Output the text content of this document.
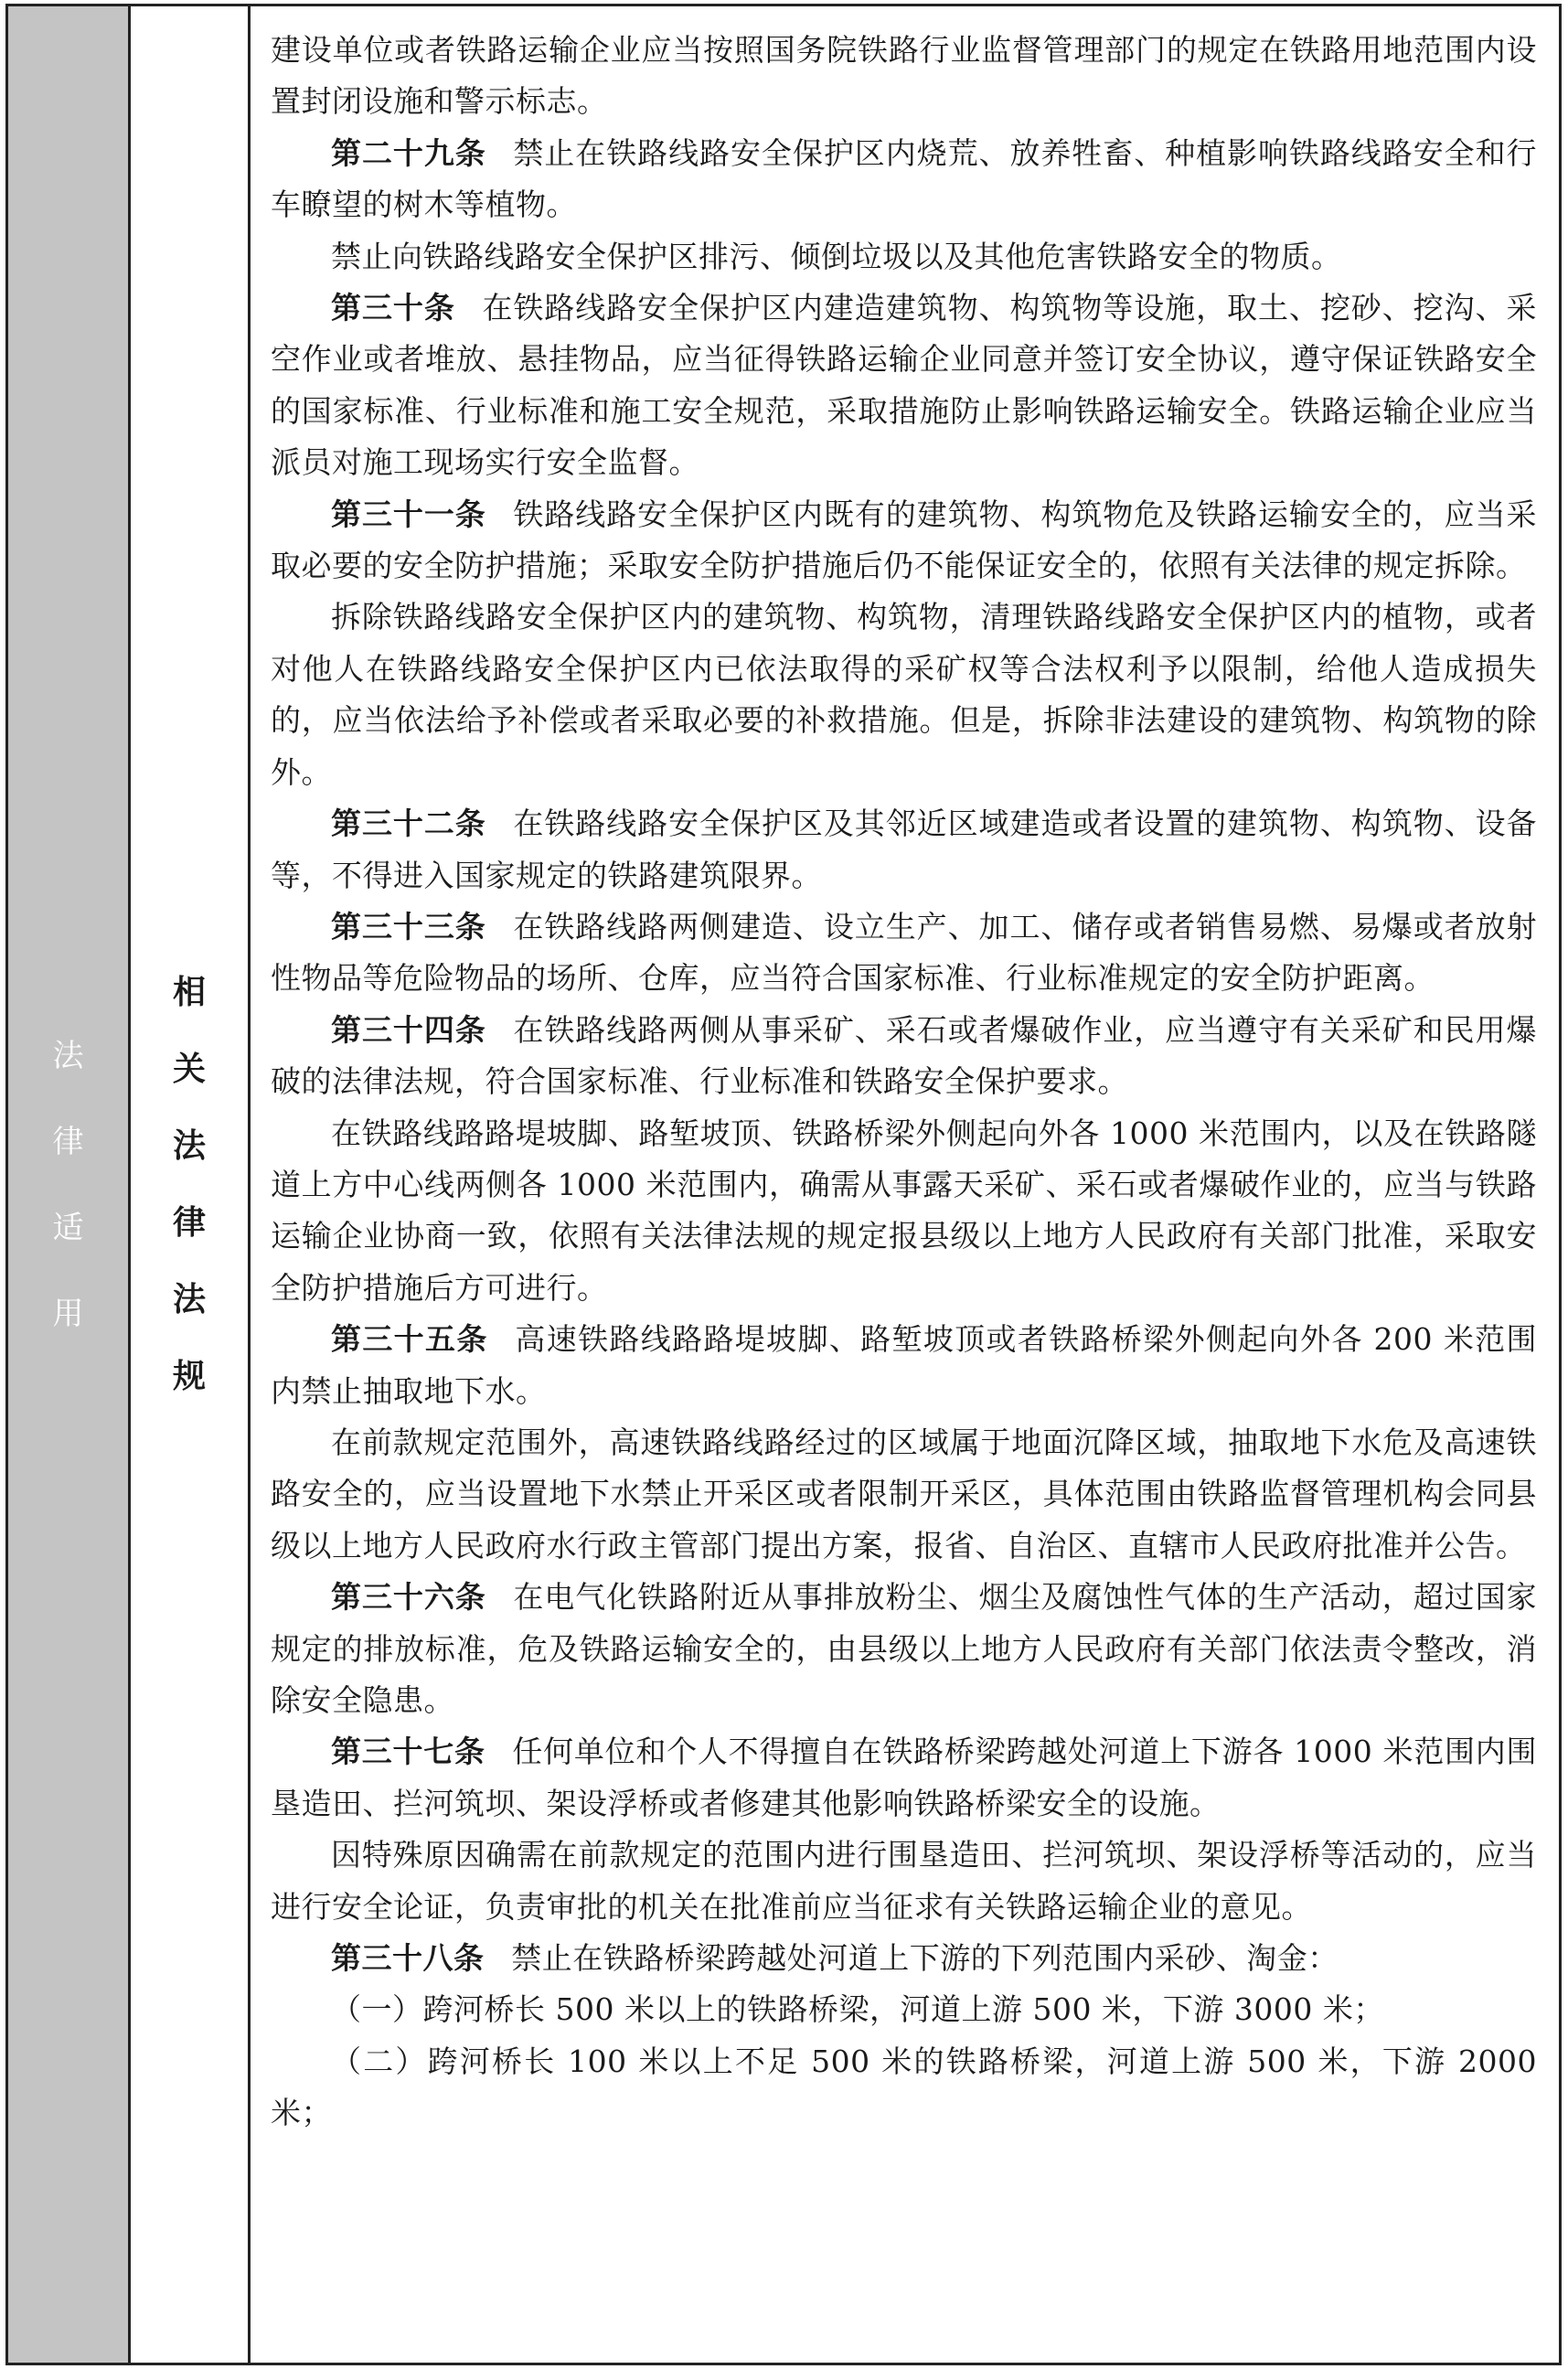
法
律
适
用
相
关
法
律
法
规

建设单位或者铁路运输企业应当按照国务院铁路行业监督管理部门的规定在铁路用地范围内设置封闭设施和警示标志。

第二十九条 禁止在铁路线路安全保护区内烧荒、放养牲畜、种植影响铁路线路安全和行车瞭望的树木等植物。

禁止向铁路线路安全保护区排污、倾倒垃圾以及其他危害铁路安全的物质。

第三十条 在铁路线路安全保护区内建造建筑物、构筑物等设施，取土、挖砂、挖沟、采空作业或者堆放、悬挂物品，应当征得铁路运输企业同意并签订安全协议，遵守保证铁路安全的国家标准、行业标准和施工安全规范，采取措施防止影响铁路运输安全。铁路运输企业应当派员对施工现场实行安全监督。

第三十一条 铁路线路安全保护区内既有的建筑物、构筑物危及铁路运输安全的，应当采取必要的安全防护措施；采取安全防护措施后仍不能保证安全的，依照有关法律的规定拆除。

拆除铁路线路安全保护区内的建筑物、构筑物，清理铁路线路安全保护区内的植物，或者对他人在铁路线路安全保护区内已依法取得的采矿权等合法权利予以限制，给他人造成损失的，应当依法给予补偿或者采取必要的补救措施。但是，拆除非法建设的建筑物、构筑物的除外。

第三十二条 在铁路线路安全保护区及其邻近区域建造或者设置的建筑物、构筑物、设备等，不得进入国家规定的铁路建筑限界。

第三十三条 在铁路线路两侧建造、设立生产、加工、储存或者销售易燃、易爆或者放射性物品等危险物品的场所、仓库，应当符合国家标准、行业标准规定的安全防护距离。

第三十四条 在铁路线路两侧从事采矿、采石或者爆破作业，应当遵守有关采矿和民用爆破的法律法规，符合国家标准、行业标准和铁路安全保护要求。

在铁路线路路堤坡脚、路堑坡顶、铁路桥梁外侧起向外各 1000 米范围内，以及在铁路隧道上方中心线两侧各 1000 米范围内，确需从事露天采矿、采石或者爆破作业的，应当与铁路运输企业协商一致，依照有关法律法规的规定报县级以上地方人民政府有关部门批准，采取安全防护措施后方可进行。

第三十五条 高速铁路线路路堤坡脚、路堑坡顶或者铁路桥梁外侧起向外各 200 米范围内禁止抽取地下水。

在前款规定范围外，高速铁路线路经过的区域属于地面沉降区域，抽取地下水危及高速铁路安全的，应当设置地下水禁止开采区或者限制开采区，具体范围由铁路监督管理机构会同县级以上地方人民政府水行政主管部门提出方案，报省、自治区、直辖市人民政府批准并公告。

第三十六条 在电气化铁路附近从事排放粉尘、烟尘及腐蚀性气体的生产活动，超过国家规定的排放标准，危及铁路运输安全的，由县级以上地方人民政府有关部门依法责令整改，消除安全隐患。

第三十七条 任何单位和个人不得擅自在铁路桥梁跨越处河道上下游各 1000 米范围内围垦造田、拦河筑坝、架设浮桥或者修建其他影响铁路桥梁安全的设施。

因特殊原因确需在前款规定的范围内进行围垦造田、拦河筑坝、架设浮桥等活动的，应当进行安全论证，负责审批的机关在批准前应当征求有关铁路运输企业的意见。

第三十八条 禁止在铁路桥梁跨越处河道上下游的下列范围内采砂、淘金：

（一）跨河桥长 500 米以上的铁路桥梁，河道上游 500 米，下游 3000 米；

（二）跨河桥长 100 米以上不足 500 米的铁路桥梁，河道上游 500 米，下游 2000 米；
